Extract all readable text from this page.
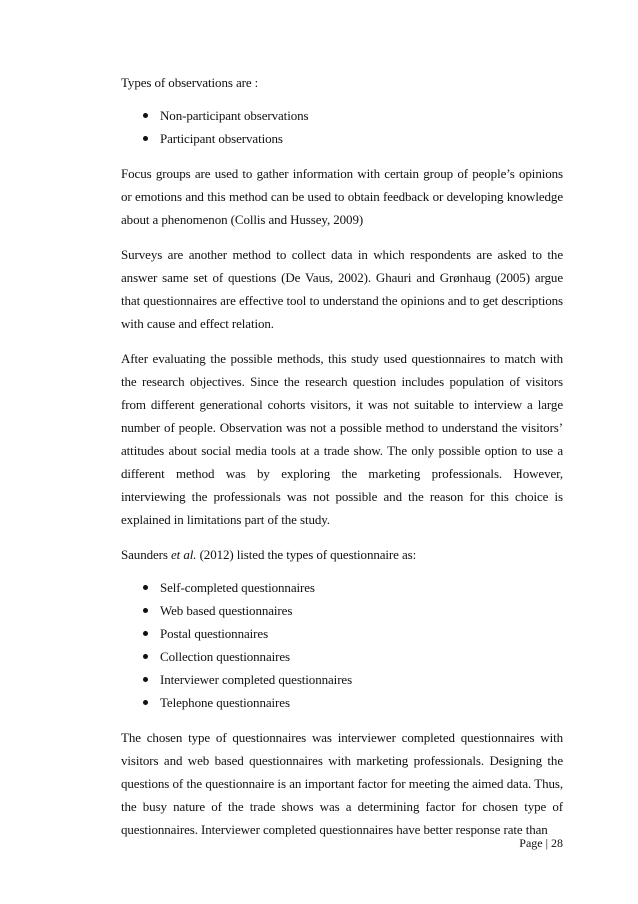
Types of observations are :

Non-participant observations
Participant observations

Focus groups are used to gather information with certain group of people’s opinions or emotions and this method can be used to obtain feedback or developing knowledge about a phenomenon (Collis and Hussey, 2009)

Surveys are another method to collect data in which respondents are asked to the answer same set of questions (De Vaus, 2002). Ghauri and Grønhaug (2005) argue that questionnaires are effective tool to understand the opinions and to get descriptions with cause and effect relation.

After evaluating the possible methods, this study used questionnaires to match with the research objectives. Since the research question includes population of visitors from different generational cohorts visitors, it was not suitable to interview a large number of people. Observation was not a possible method to understand the visitors’ attitudes about social media tools at a trade show. The only possible option to use a different method was by exploring the marketing professionals. However, interviewing the professionals was not possible and the reason for this choice is explained in limitations part of the study.

Saunders et al. (2012) listed the types of questionnaire as:

Self-completed questionnaires
Web based questionnaires
Postal questionnaires
Collection questionnaires
Interviewer completed questionnaires
Telephone questionnaires

The chosen type of questionnaires was interviewer completed questionnaires with visitors and web based questionnaires with marketing professionals. Designing the questions of the questionnaire is an important factor for meeting the aimed data. Thus, the busy nature of the trade shows was a determining factor for chosen type of questionnaires. Interviewer completed questionnaires have better response rate than

Page | 28
